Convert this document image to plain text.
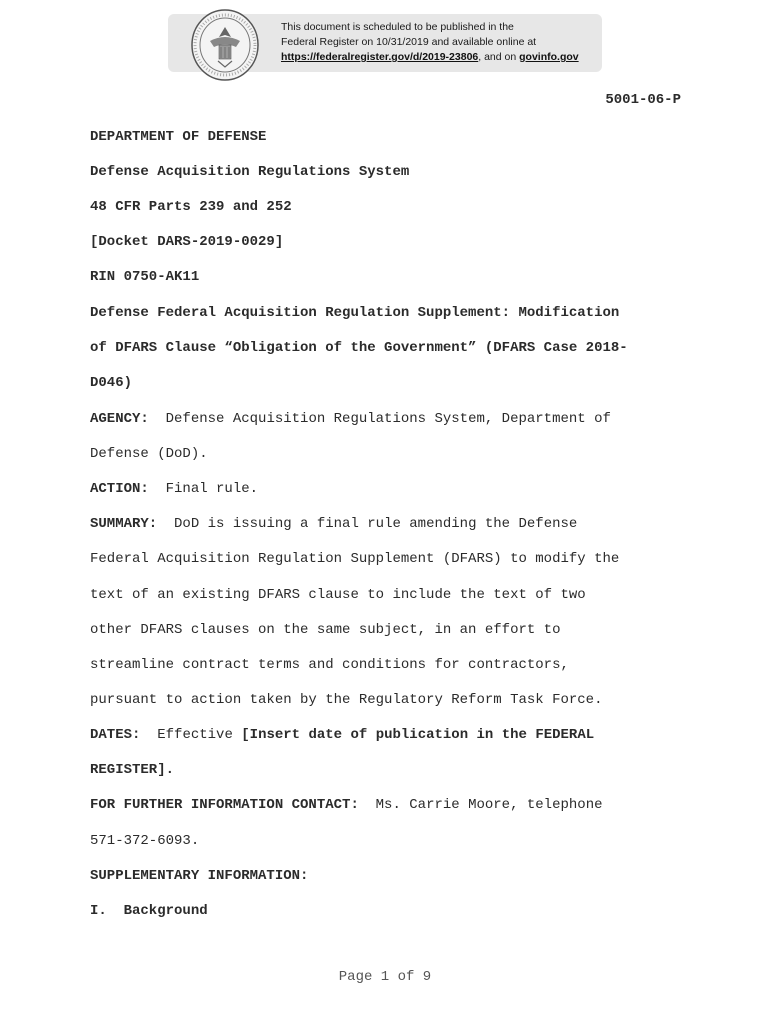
This document is scheduled to be published in the
Federal Register on 10/31/2019 and available online at
https://federalregister.gov/d/2019-23806, and on govinfo.gov
5001-06-P
DEPARTMENT OF DEFENSE
Defense Acquisition Regulations System
48 CFR Parts 239 and 252
[Docket DARS-2019-0029]
RIN 0750-AK11
Defense Federal Acquisition Regulation Supplement: Modification
of DFARS Clause “Obligation of the Government” (DFARS Case 2018-
D046)
AGENCY: Defense Acquisition Regulations System, Department of
Defense (DoD).
ACTION: Final rule.
SUMMARY: DoD is issuing a final rule amending the Defense
Federal Acquisition Regulation Supplement (DFARS) to modify the
text of an existing DFARS clause to include the text of two
other DFARS clauses on the same subject, in an effort to
streamline contract terms and conditions for contractors,
pursuant to action taken by the Regulatory Reform Task Force.
DATES: Effective [Insert date of publication in the FEDERAL
REGISTER].
FOR FURTHER INFORMATION CONTACT: Ms. Carrie Moore, telephone
571-372-6093.
SUPPLEMENTARY INFORMATION:
I.  Background
Page 1 of 9
